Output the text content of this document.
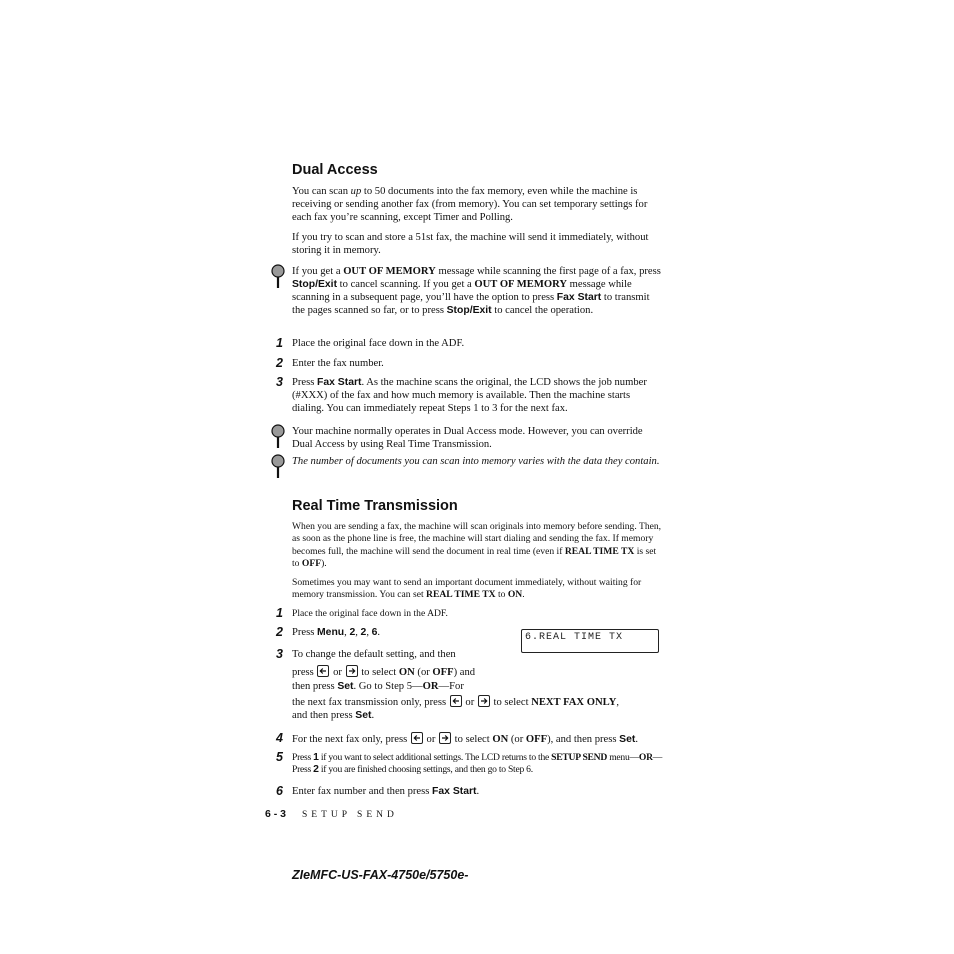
Dual Access
You can scan up to 50 documents into the fax memory, even while the machine is receiving or sending another fax (from memory). You can set temporary settings for each fax you’re scanning, except Timer and Polling.
If you try to scan and store a 51st fax, the machine will send it immediately, without storing it in memory.
If you get a OUT OF MEMORY message while scanning the first page of a fax, press Stop/Exit to cancel scanning. If you get a OUT OF MEMORY message while scanning in a subsequent page, you’ll have the option to press Fax Start to transmit the pages scanned so far, or to press Stop/Exit to cancel the operation.
1 Place the original face down in the ADF.
2 Enter the fax number.
3 Press Fax Start. As the machine scans the original, the LCD shows the job number (#XXX) of the fax and how much memory is available. Then the machine starts dialing. You can immediately repeat Steps 1 to 3 for the next fax.
Your machine normally operates in Dual Access mode. However, you can override Dual Access by using Real Time Transmission.
The number of documents you can scan into memory varies with the data they contain.
Real Time Transmission
When you are sending a fax, the machine will scan originals into memory before sending. Then, as soon as the phone line is free, the machine will start dialing and sending the fax. If memory becomes full, the machine will send the document in real time (even if REAL TIME TX is set to OFF).
Sometimes you may want to send an important document immediately, without waiting for memory transmission. You can set REAL TIME TX to ON.
1 Place the original face down in the ADF.
2 Press Menu, 2, 2, 6.	6.REAL TIME TX
3 To change the default setting, and then
press
or
to select ON (or OFF) and
then press Set. Go to Step 5—OR—For
the next fax transmission only, press
or
to select NEXT FAX ONLY,
and then press Set.
4 For the next fax only, press
or
to select ON (or OFF), and then press Set.
5 Press 1 if you want to select additional settings. The LCD returns to the SETUP SEND menu—OR—Press 2 if you are finished choosing settings, and then go to Step 6.
6 Enter fax number and then press Fax Start.
6 - 3 SETUP SEND
ZIeMFC-US-FAX-4750e/5750e-
